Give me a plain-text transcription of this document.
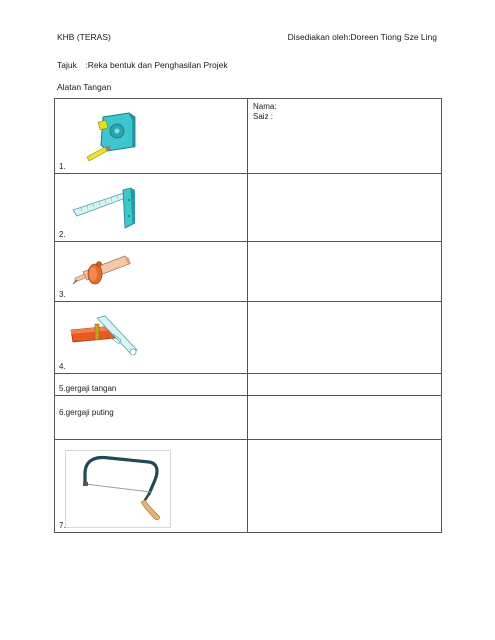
KHB (TERAS)	Disediakan oleh:Doreen Tiong Sze Ling
Tajuk :Reka bentuk dan Penghasilan Projek
Alatan Tangan
1.	Nama:
Saiz :

2.	

3.	

4.	

5.gergaji tangan	

6.gergaji puting	

7.	
